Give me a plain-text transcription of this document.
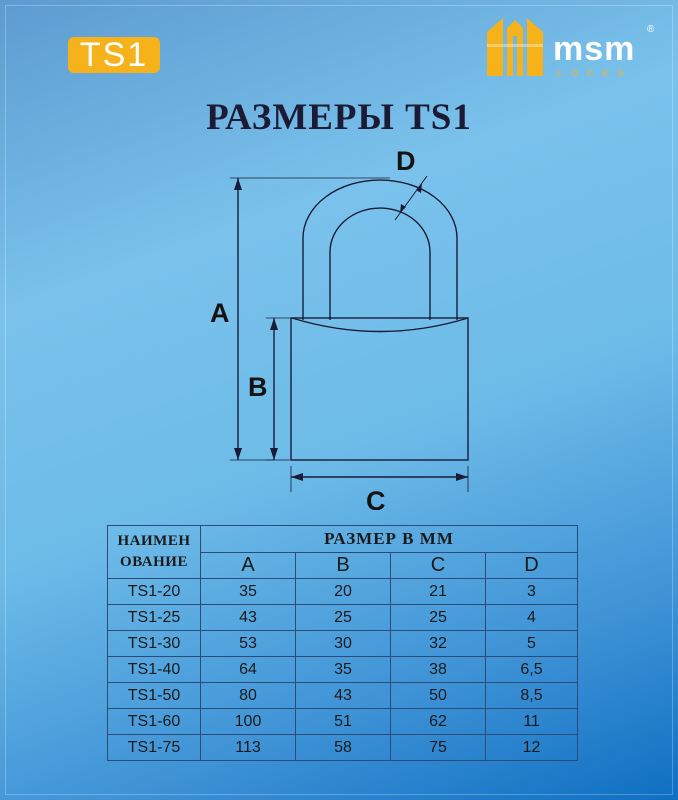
TS1	msm
LOCKS
®
РАЗМЕРЫ TS1
D
A
B
C
НАИМЕН
ОВАНИЕ	РАЗМЕР В ММ			
	A	B	C	D
TS1-20	35	20	21	3
TS1-25	43	25	25	4
TS1-30	53	30	32	5
TS1-40	64	35	38	6,5
TS1-50	80	43	50	8,5
TS1-60	100	51	62	11
TS1-75	113	58	75	12
